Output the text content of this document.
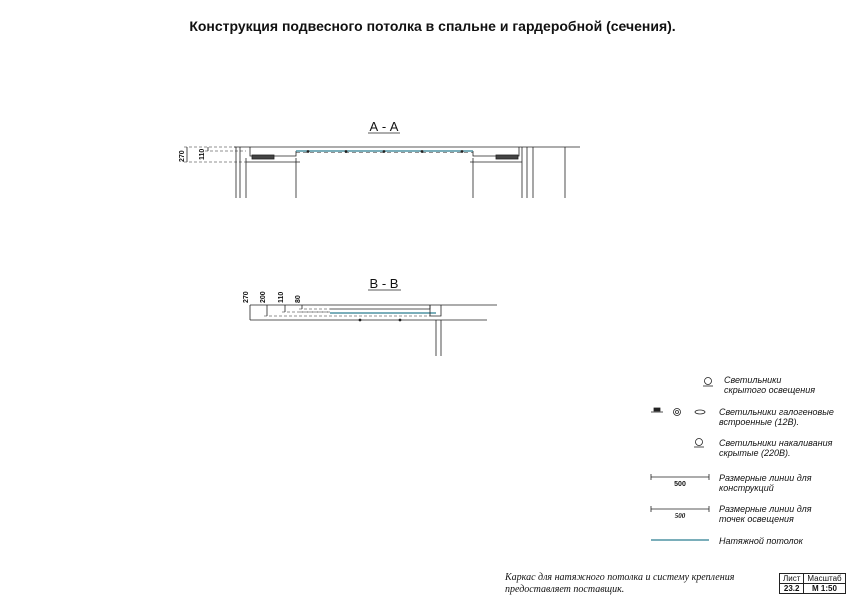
Конструкция подвесного потолка в спальне и гардеробной (сечения).
А - А
270 110
В - В
270 200 110 80
500
500
Светильники
скрытого освещения
Светильники галогеновые
встроенные (12В).
Светильники накаливания
скрытые (220В).
Размерные линии для
конструкций
Размерные линии для
точек освещения
Натяжной потолок
Каркас для натяжного потолка и систему крепления
предоставляет поставщик.
Лист	Масштаб
23.2	М 1:50
